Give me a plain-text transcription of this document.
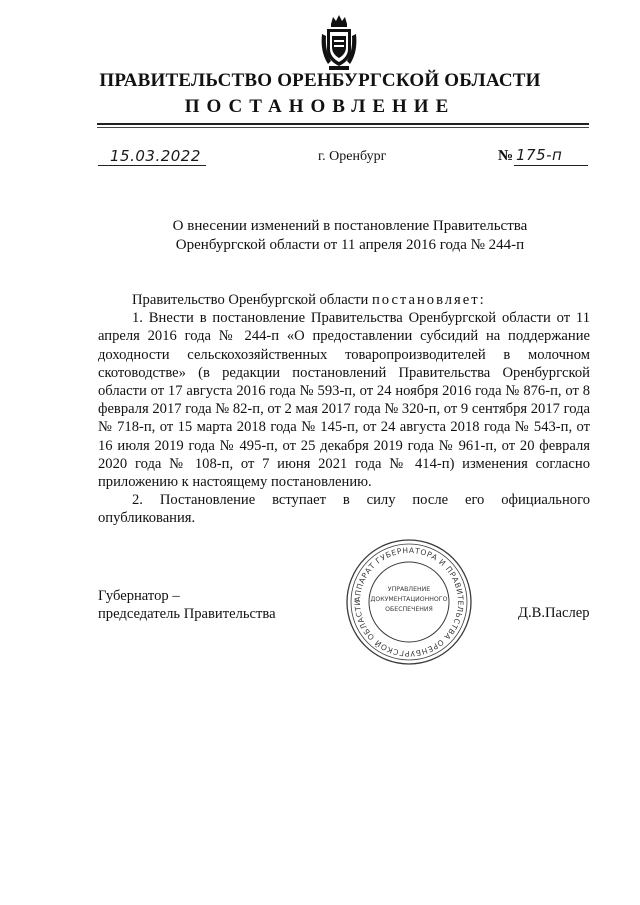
ПРАВИТЕЛЬСТВО ОРЕНБУРГСКОЙ ОБЛАСТИ
ПОСТАНОВЛЕНИЕ
15.03.2022	г. Оренбург	№ 175-п
О внесении изменений в постановление Правительства
Оренбургской области от 11 апреля 2016 года № 244-п

Правительство Оренбургской области постановляет:

1. Внести в постановление Правительства Оренбургской области от 11 апреля 2016 года № 244-п «О предоставлении субсидий на поддержание доходности сельскохозяйственных товаропроизводителей в молочном скотоводстве» (в редакции постановлений Правительства Оренбургской области от 17 августа 2016 года № 593-п, от 24 ноября 2016 года № 876-п, от 8 февраля 2017 года № 82-п, от 2 мая 2017 года № 320-п, от 9 сентября 2017 года № 718-п, от 15 марта 2018 года № 145-п, от 24 августа 2018 года № 543-п, от 16 июля 2019 года № 495-п, от 25 декабря 2019 года № 961-п, от 20 февраля 2020 года № 108-п, от 7 июня 2021 года № 414-п) изменения согласно приложению к настоящему постановлению.

2. Постановление вступает в силу после его официального опубликования.

Губернатор –
председатель Правительства	Д.В.Паслер
АППАРАТ ГУБЕРНАТОРА И ПРАВИТЕЛЬСТВА ОРЕНБУРГСКОЙ ОБЛАСТИ
УПРАВЛЕНИЕ
ДОКУМЕНТАЦИОННОГО
ОБЕСПЕЧЕНИЯ
